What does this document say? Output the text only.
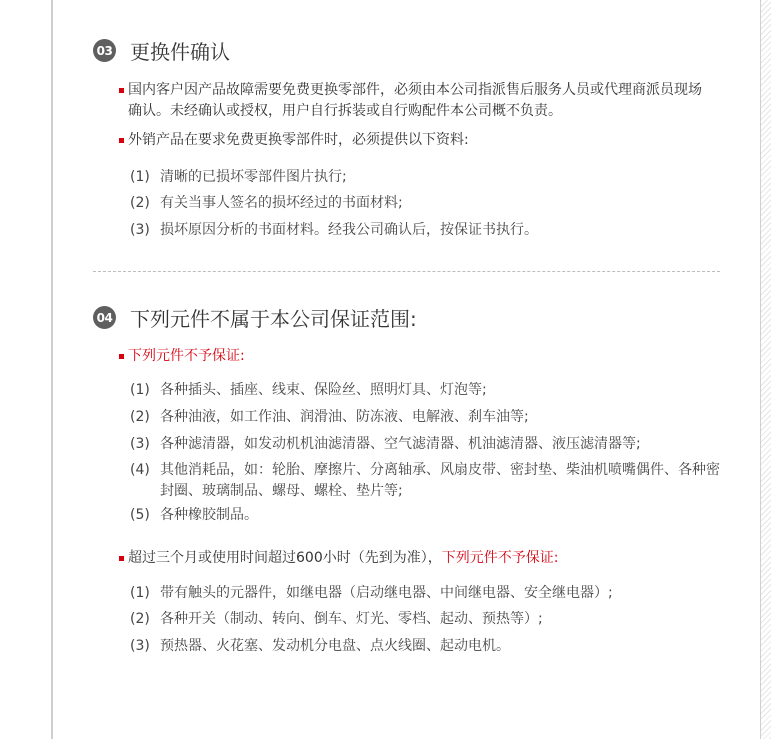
03 更换件确认
国内客户因产品故障需要免费更换零部件，必须由本公司指派售后服务人员或代理商派员现场确认。未经确认或授权，用户自行拆装或自行购配件本公司概不负责。
外销产品在要求免费更换零部件时，必须提供以下资料:
(1) 清晰的已损坏零部件图片执行;
(2) 有关当事人签名的损坏经过的书面材料;
(3) 损坏原因分析的书面材料。经我公司确认后，按保证书执行。
04 下列元件不属于本公司保证范围:
下列元件不予保证:
(1) 各种插头、插座、线束、保险丝、照明灯具、灯泡等;
(2) 各种油液，如工作油、润滑油、防冻液、电解液、刹车油等;
(3) 各种滤清器，如发动机机油滤清器、空气滤清器、机油滤清器、液压滤清器等;
(4) 其他消耗品，如：轮胎、摩擦片、分离轴承、风扇皮带、密封垫、柴油机喷嘴偶件、各种密封圈、玻璃制品、螺母、螺栓、垫片等;
(5) 各种橡胶制品。
超过三个月或使用时间超过600小时（先到为准），下列元件不予保证:
(1) 带有触头的元器件，如继电器（启动继电器、中间继电器、安全继电器）;
(2) 各种开关（制动、转向、倒车、灯光、零档、起动、预热等）;
(3) 预热器、火花塞、发动机分电盘、点火线圈、起动电机。
